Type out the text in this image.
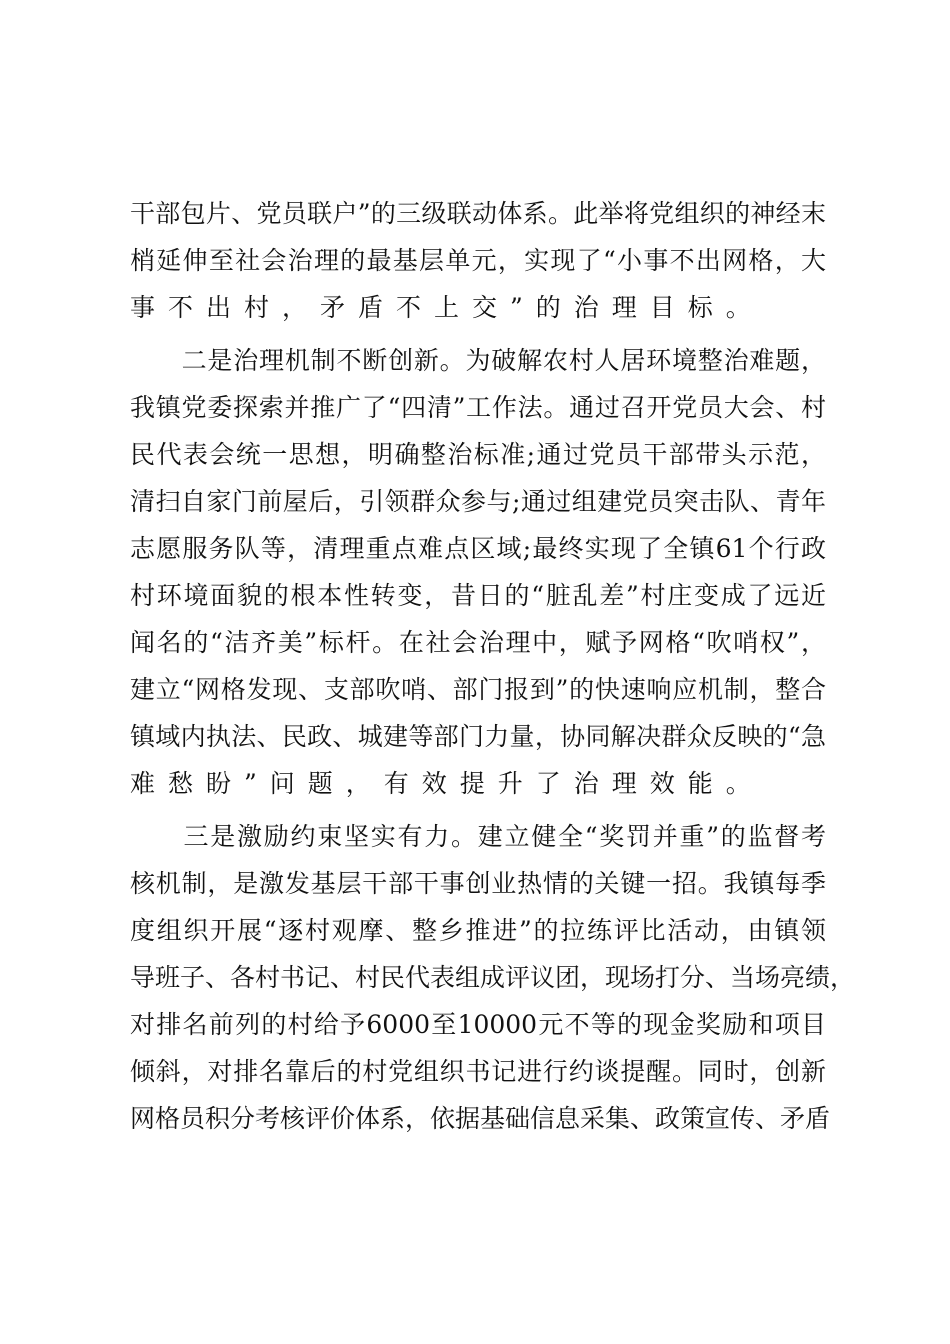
干部包片、党员联户”的三级联动体系。此举将党组织的神经末
梢延伸至社会治理的最基层单元，实现了“小事不出网格，大
事不出村，矛盾不上交”的治理目标。
　　二是治理机制不断创新。为破解农村人居环境整治难题，
我镇党委探索并推广了“四清”工作法。通过召开党员大会、村
民代表会统一思想，明确整治标准;通过党员干部带头示范，
清扫自家门前屋后，引领群众参与;通过组建党员突击队、青年
志愿服务队等，清理重点难点区域;最终实现了全镇61个行政
村环境面貌的根本性转变，昔日的“脏乱差”村庄变成了远近
闻名的“洁齐美”标杆。在社会治理中，赋予网格“吹哨权”，
建立“网格发现、支部吹哨、部门报到”的快速响应机制，整合
镇域内执法、民政、城建等部门力量，协同解决群众反映的“急
难愁盼”问题，有效提升了治理效能。
　　三是激励约束坚实有力。建立健全“奖罚并重”的监督考
核机制，是激发基层干部干事创业热情的关键一招。我镇每季
度组织开展“逐村观摩、整乡推进”的拉练评比活动，由镇领
导班子、各村书记、村民代表组成评议团，现场打分、当场亮绩，
对排名前列的村给予6000至10000元不等的现金奖励和项目
倾斜，对排名靠后的村党组织书记进行约谈提醒。同时，创新
网格员积分考核评价体系，依据基础信息采集、政策宣传、矛盾
